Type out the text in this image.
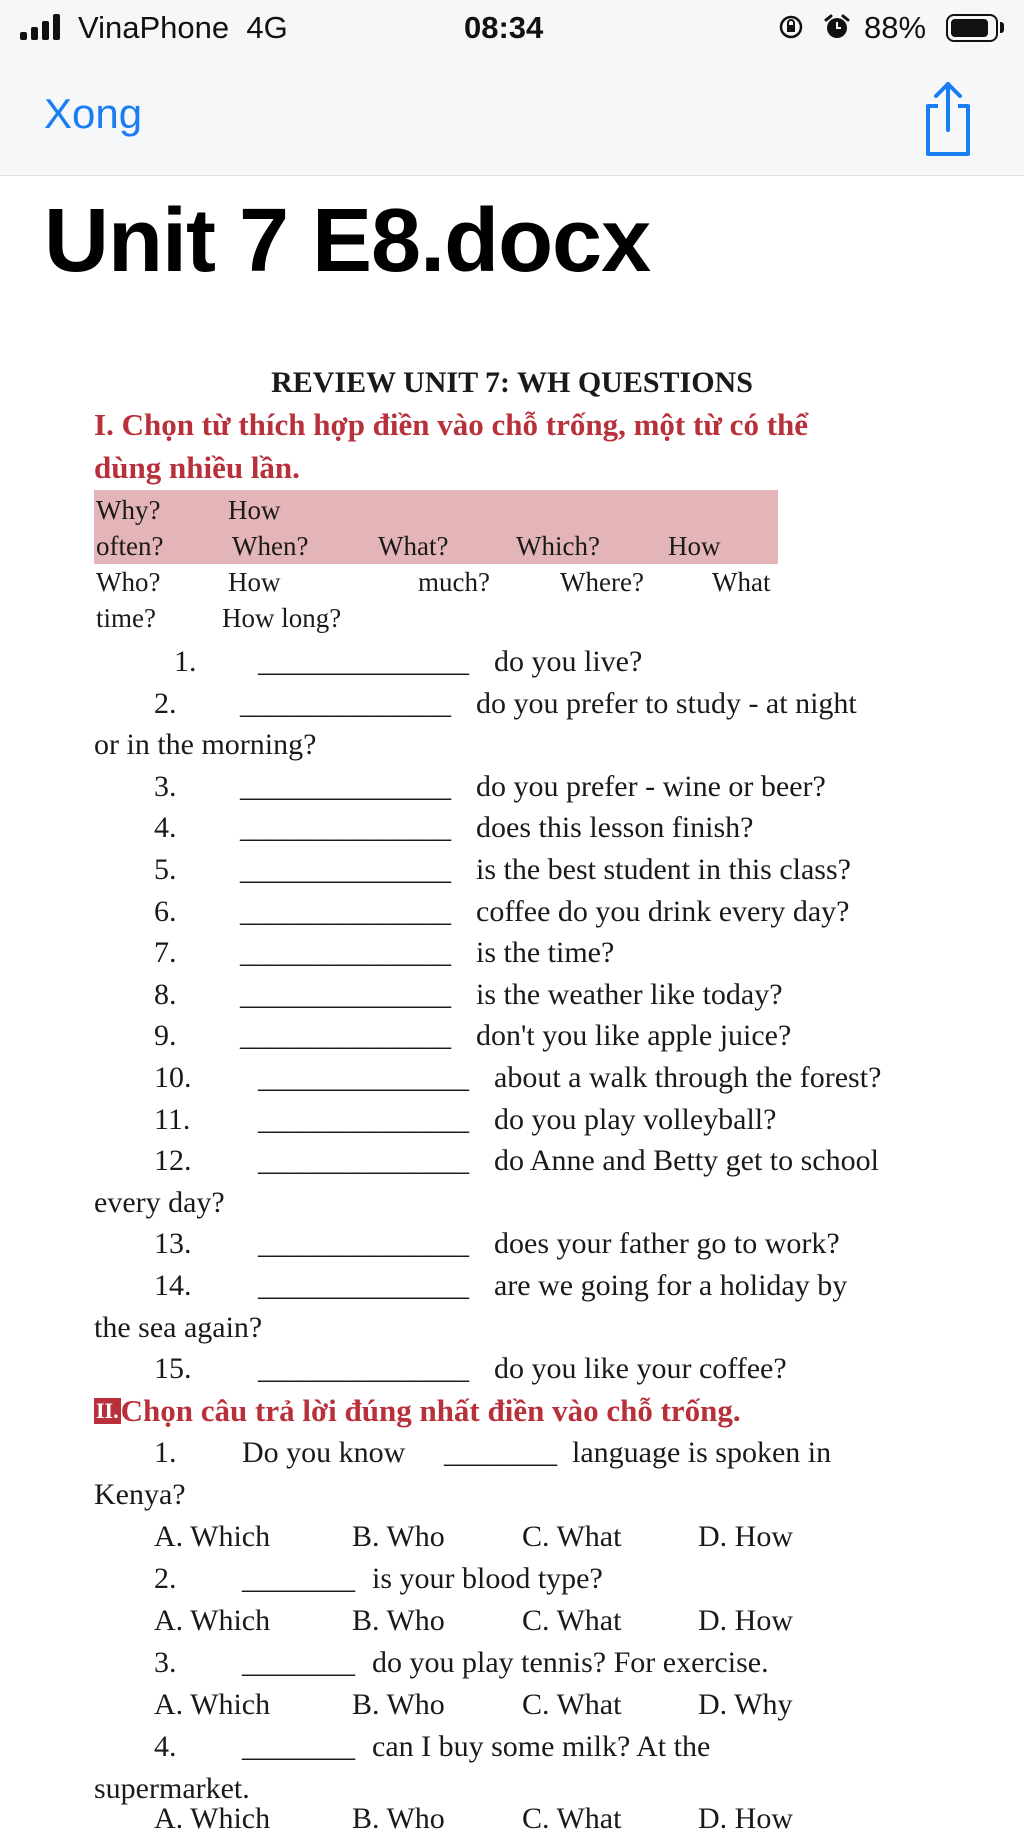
VinaPhone 4G	08:34	88%
Xong
Unit 7 E8.docx
REVIEW UNIT 7: WH QUESTIONS
I. Chọn từ thích hợp điền vào chỗ trống, một từ có thể
dùng nhiều lần.
Why?	How
often?	When?	What?	Which?	How
Who?	How	much?	Where?	What
time? How long?
1. _______________ do you live?
2. _______________ do you prefer to study - at night
or in the morning?
3. _______________ do you prefer - wine or beer?
4. _______________ does this lesson finish?
5. _______________ is the best student in this class?
6. _______________ coffee do you drink every day?
7. _______________ is the time?
8. _______________ is the weather like today?
9. _______________ don't you like apple juice?
10. _______________ about a walk through the forest?
11. _______________ do you play volleyball?
12. _______________ do Anne and Betty get to school
every day?
13. _______________ does your father go to work?
14. _______________ are we going for a holiday by
the sea again?
15. _______________ do you like your coffee?
II.Chọn câu trả lời đúng nhất điền vào chỗ trống.
1. Do you know ________ language is spoken in
Kenya?
A. Which	B. Who	C. What	D. How
2. ________ is your blood type?
A. Which	B. Who	C. What	D. How
3. ________ do you play tennis? For exercise.
A. Which	B. Who	C. What	D. Why
4. ________ can I buy some milk? At the
supermarket.
A. Which	B. Who	C. What	D. How
